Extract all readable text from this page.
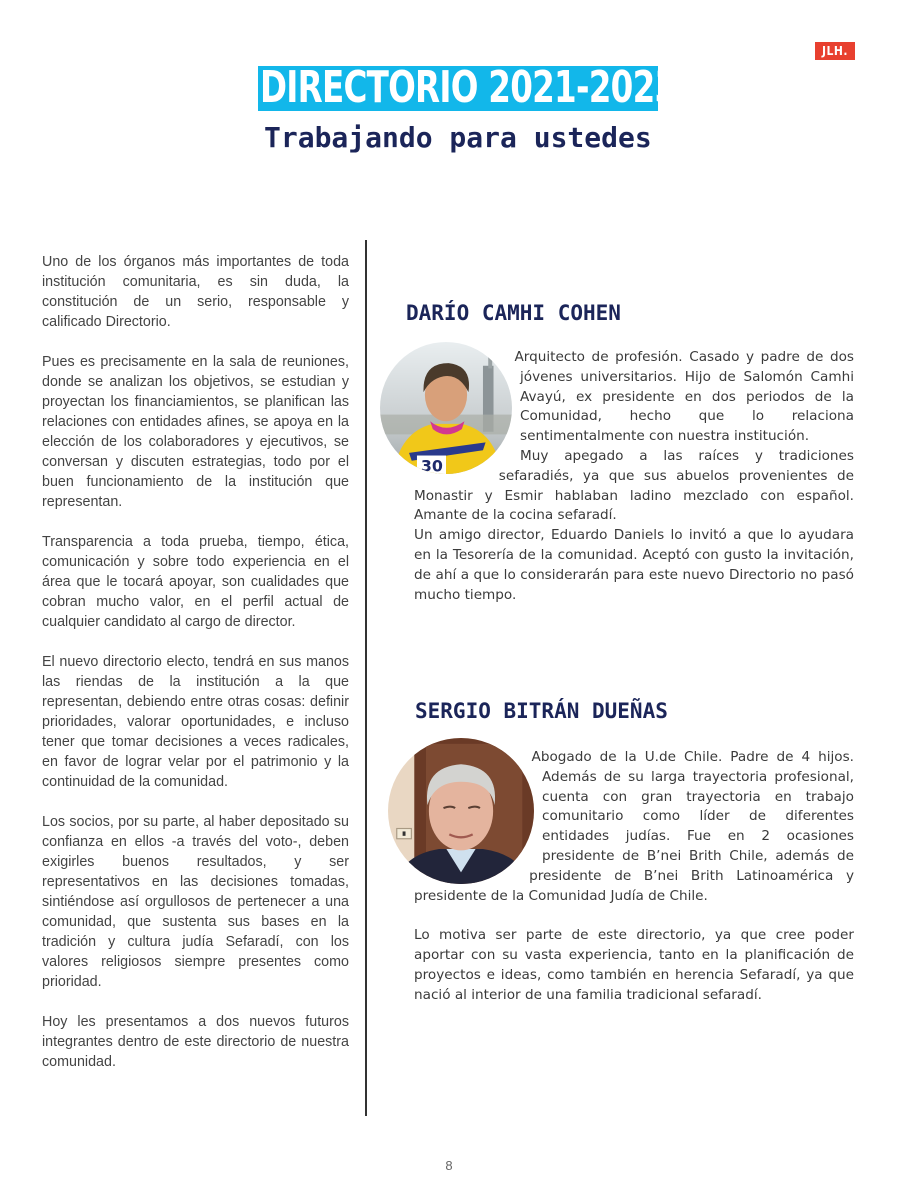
JLH.
DIRECTORIO 2021-2023
Trabajando para ustedes

Uno de los órganos más importantes de toda institución comunitaria, es sin duda, la constitución de un serio, responsable y calificado Directorio.

Pues es precisamente en la sala de reuniones, donde se analizan los objetivos, se estudian y proyectan los financiamientos, se planifican las relaciones con entidades afines, se apoya en la elección de los colaboradores y ejecutivos, se conversan y discuten estrategias, todo por el buen funcionamiento de la institución que representan.

Transparencia a toda prueba, tiempo, ética, comunicación y sobre todo experiencia en el área que le tocará apoyar, son cualidades que cobran mucho valor, en el perfil actual de cualquier candidato al cargo de director.

El nuevo directorio electo, tendrá en sus manos las riendas de la institución a la que representan, debiendo entre otras cosas: definir prioridades, valorar oportunidades, e incluso tener que tomar decisiones a veces radicales, en favor de lograr velar por el patrimonio y la continuidad de la comunidad.

Los socios, por su parte, al haber depositado su confianza en ellos -a través del voto-, deben exigirles buenos resultados, y ser representativos en las decisiones tomadas, sintiéndose así orgullosos de pertenecer a una comunidad, que sustenta sus bases en la tradición y cultura judía Sefaradí, con los valores religiosos siempre presentes como prioridad.

Hoy les presentamos a dos nuevos futuros integrantes dentro de este directorio de nuestra comunidad.

DARÍO CAMHI COHEN
30

Arquitecto de profesión. Casado y padre de dos jóvenes universitarios. Hijo de Salomón Camhi Avayú, ex presidente en dos periodos de la Comunidad, hecho que lo relaciona sentimentalmente con nuestra institución.

Muy apegado a las raíces y tradiciones sefaradiés, ya que sus abuelos provenientes de Monastir y Esmir hablaban ladino mezclado con español. Amante de la cocina sefaradí.

Un amigo director, Eduardo Daniels lo invitó a que lo ayudara en la Tesorería de la comunidad. Aceptó con gusto la invitación, de ahí a que lo considerarán para este nuevo Directorio no pasó mucho tiempo.

SERGIO BITRÁN DUEÑAS

Abogado de la U.de Chile. Padre de 4 hijos. Además de su larga trayectoria profesional, cuenta con gran trayectoria en trabajo comunitario como líder de diferentes entidades judías. Fue en 2 ocasiones presidente de B’nei Brith Chile, además de presidente de B’nei Brith Latinoamérica y presidente de la Comunidad Judía de Chile.

Lo motiva ser parte de este directorio, ya que cree poder aportar con su vasta experiencia, tanto en la planificación de proyectos e ideas, como también en herencia Sefaradí, ya que nació al interior de una familia tradicional sefaradí.

8
